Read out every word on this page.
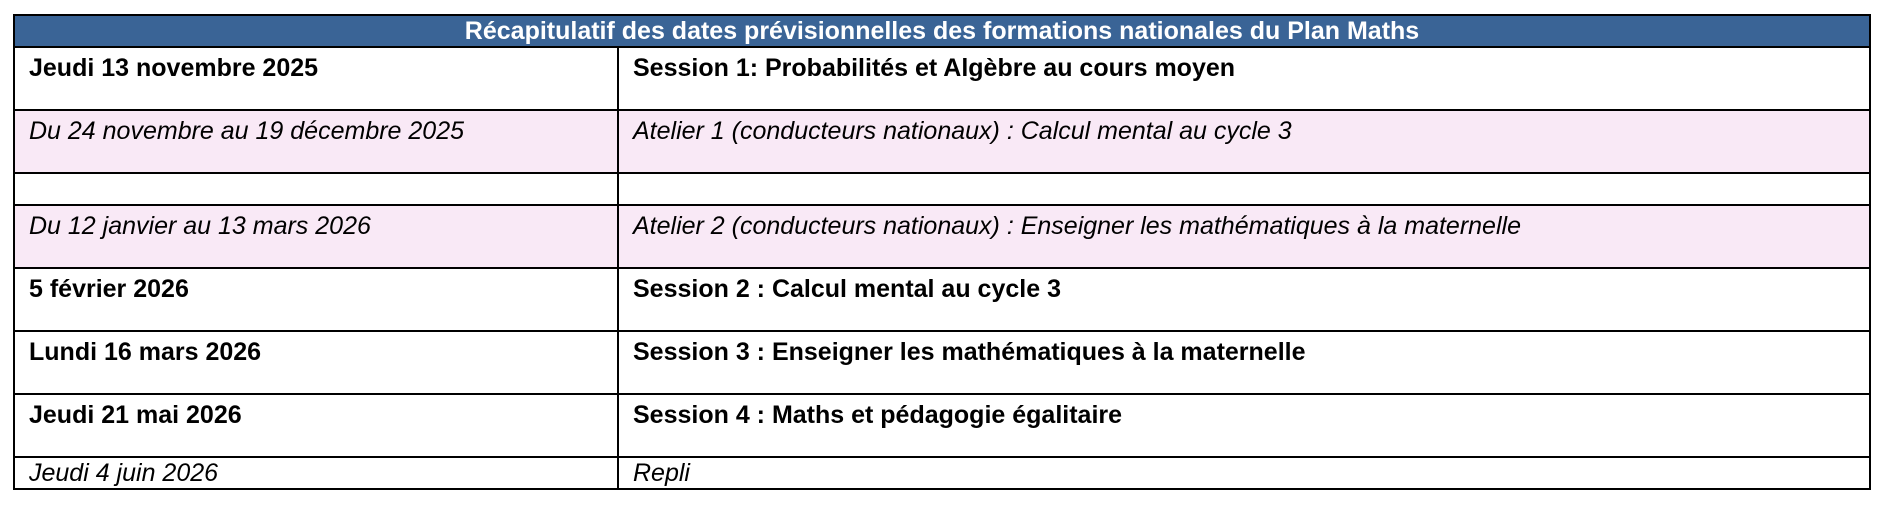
Récapitulatif des dates prévisionnelles des formations nationales du Plan Maths	

Jeudi 13 novembre 2025	Session 1: Probabilités et Algèbre au cours moyen

Du 24 novembre au 19 décembre 2025	Atelier 1 (conducteurs nationaux) : Calcul mental au cycle 3

Du 12 janvier au 13 mars 2026	Atelier 2 (conducteurs nationaux) : Enseigner les mathématiques à la maternelle

5 février 2026	Session 2 : Calcul mental au cycle 3

Lundi 16 mars 2026	Session 3 : Enseigner les mathématiques à la maternelle

Jeudi 21 mai 2026	Session 4 : Maths et pédagogie égalitaire

Jeudi 4 juin 2026	Repli
